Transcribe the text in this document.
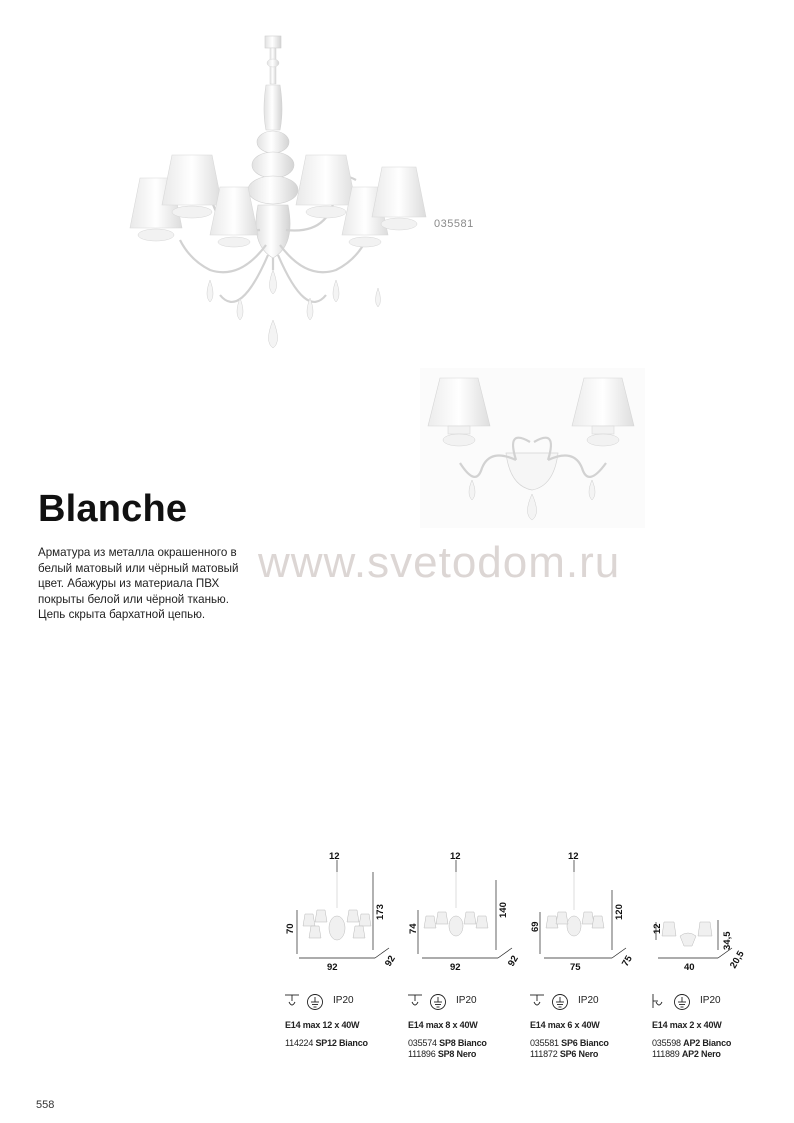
035581
Blanche
www.svetodom.ru
Арматура из металла окрашенного в
белый матовый или чёрный матовый
цвет. Абажуры из материала ПВХ
покрыты белой или чёрной тканью.
Цепь скрыта бархатной цепью.
12
173
70
92	92
IP20
E14 max 12 x 40W
114224 SP12 Bianco
12
140
74
92	92
IP20
E14 max 8 x 40W
035574 SP8 Bianco
111896 SP8 Nero
12
120
69
75	75
IP20
E14 max 6 x 40W
035581 SP6 Bianco
111872 SP6 Nero
34,5
12
40	20,5
IP20
E14 max 2 x 40W
035598 AP2 Bianco
111889 AP2 Nero
558
